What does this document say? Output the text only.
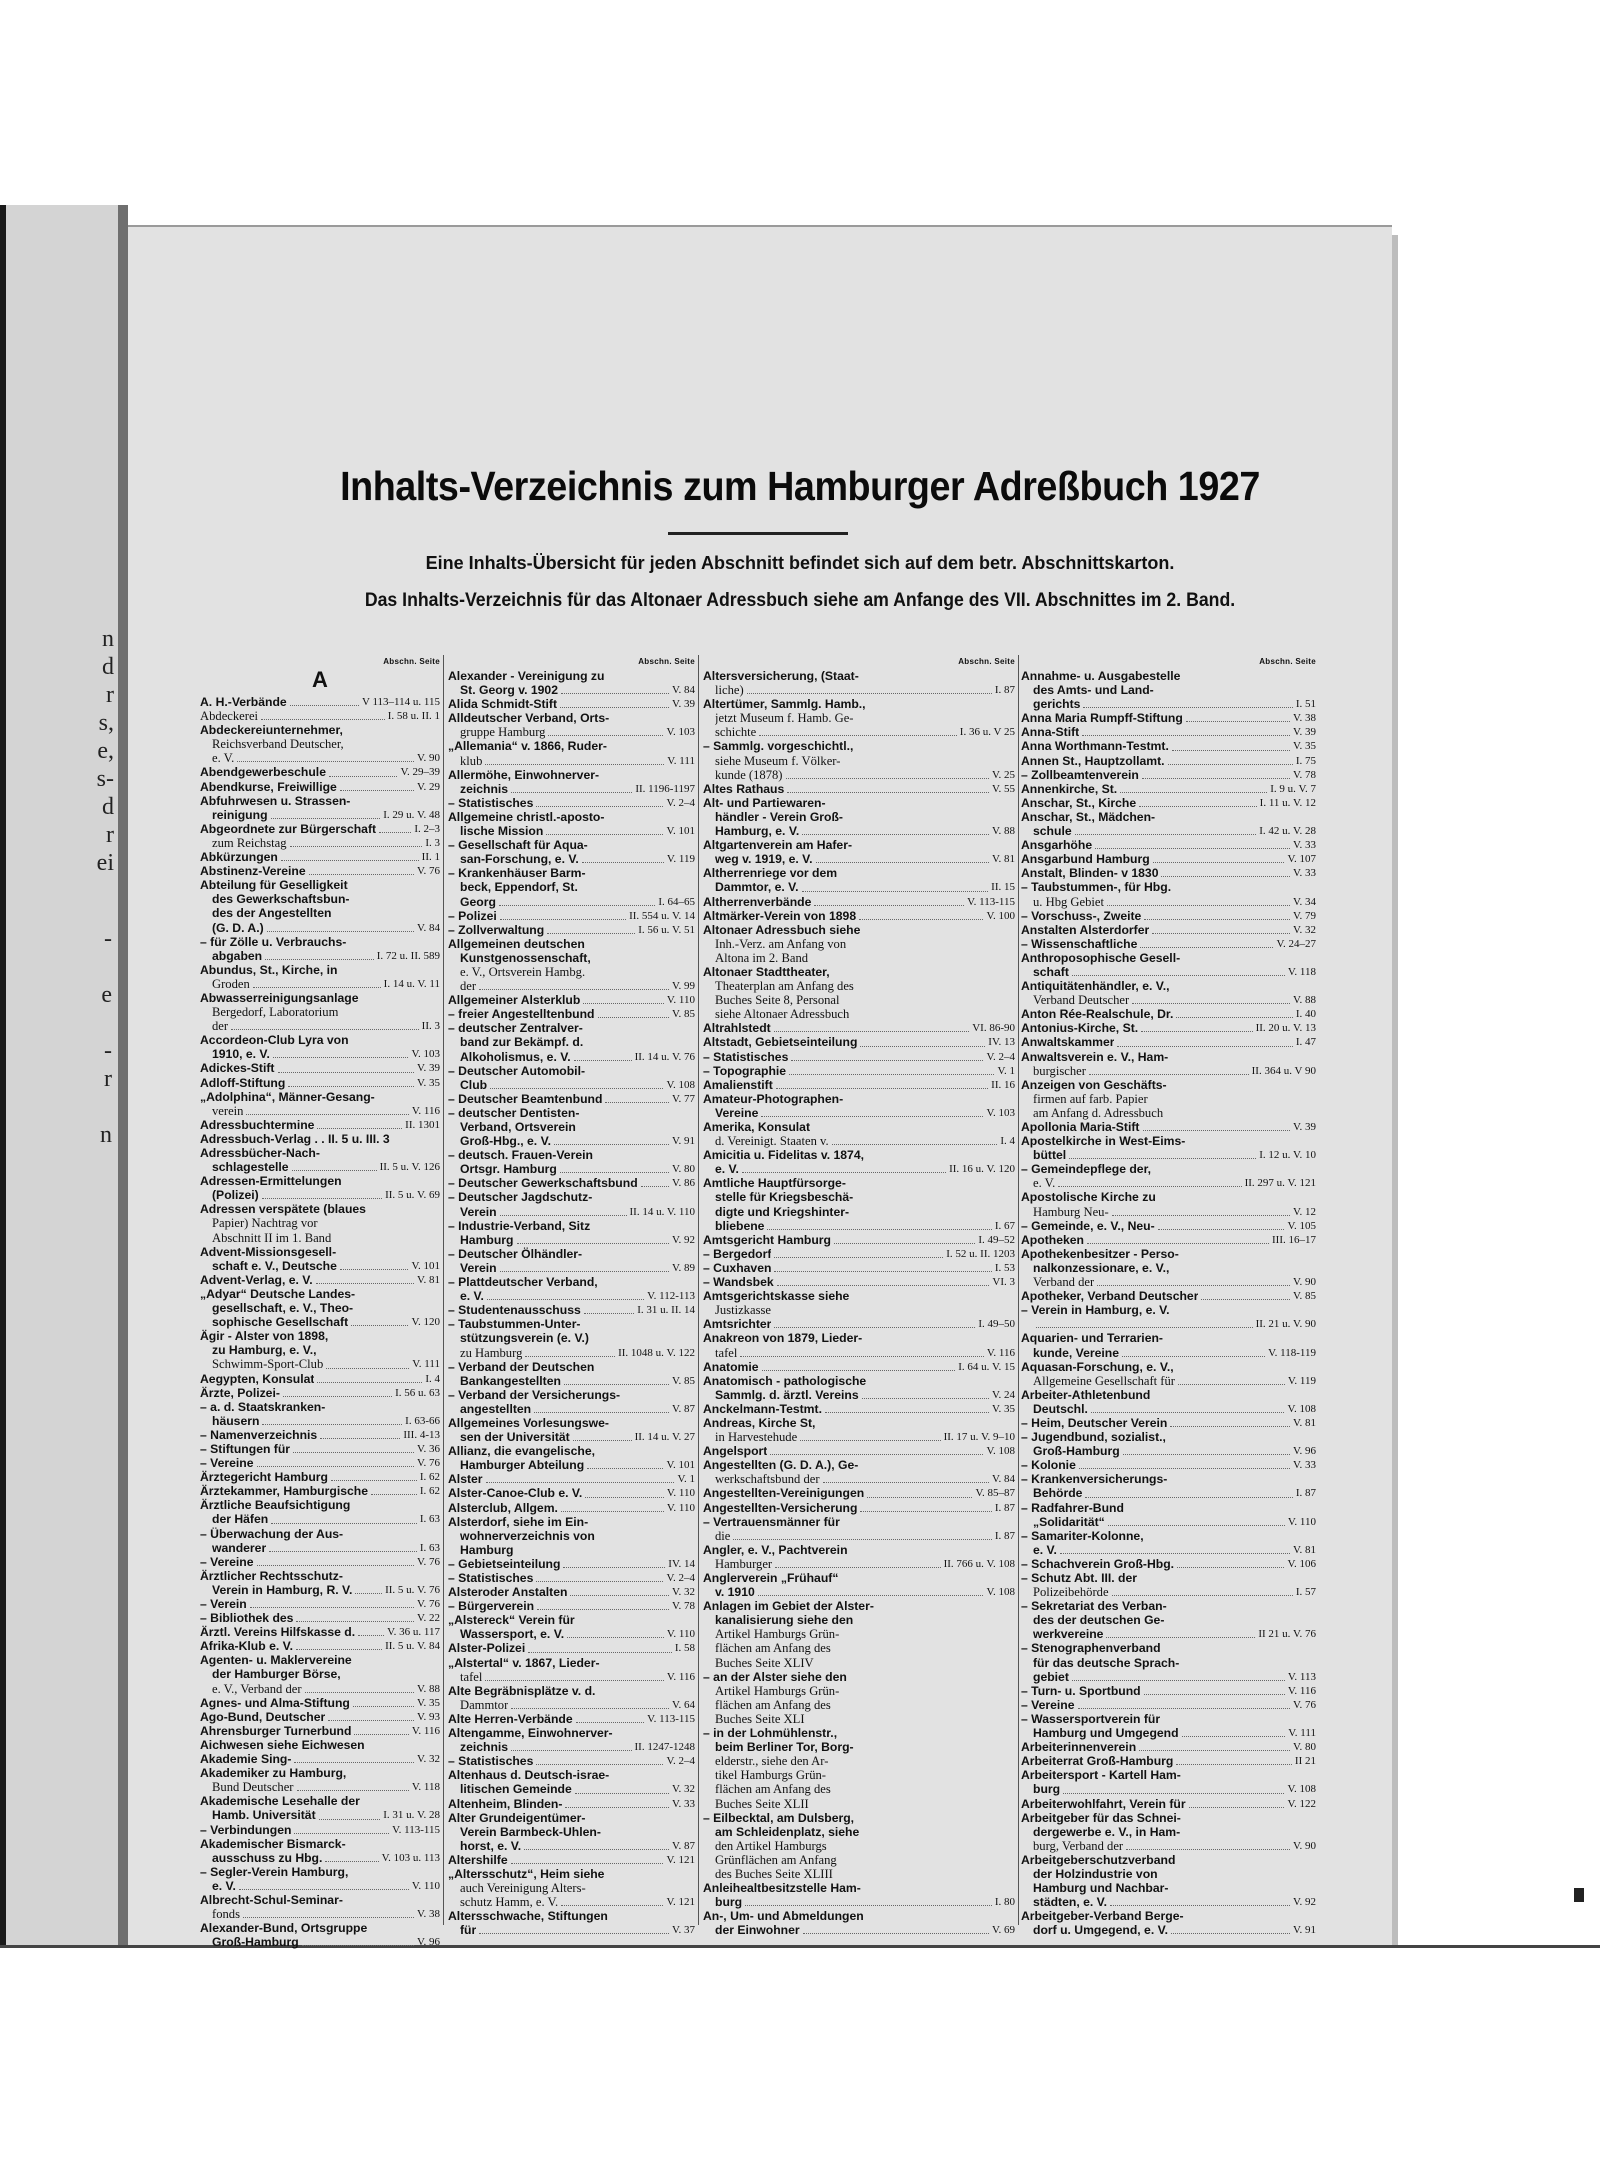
n
d
r
s,
e,
s-
d
r
ei
-
e
-
r
n
Inhalts-Verzeichnis zum Hamburger Adreßbuch 1927
Eine Inhalts-Übersicht für jeden Abschnitt befindet sich auf dem betr. Abschnittskarton.
Das Inhalts-Verzeichnis für das Altonaer Adressbuch siehe am Anfange des VII. Abschnittes im 2. Band.
Abschn. Seite
A
A. H.-Verbände	V 113–114 u. 115
Abdeckerei	I. 58 u. II. 1
Abdeckereiunternehmer,
Reichsverband Deutscher,
e. V.	V. 90
Abendgewerbeschule	V. 29–39
Abendkurse, Freiwillige	V. 29
Abfuhrwesen u. Strassen-
reinigung	I. 29 u. V. 48
Abgeordnete zur Bürgerschaft	I. 2–3
zum Reichstag	I. 3
Abkürzungen	II. 1
Abstinenz-Vereine	V. 76
Abteilung für Geselligkeit
des Gewerkschaftsbun-
des der Angestellten
(G. D. A.)	V. 84
– für Zölle u. Verbrauchs-
abgaben	I. 72 u. II. 589
Abundus, St., Kirche, in
Groden	I. 14 u. V. 11
Abwasserreinigungsanlage
Bergedorf, Laboratorium
der	II. 3
Accordeon-Club Lyra von
1910, e. V.	V. 103
Adickes-Stift	V. 39
Adloff-Stiftung	V. 35
„Adolphina“, Männer-Gesang-
verein	V. 116
Adressbuchtermine	II. 1301
Adressbuch-Verlag . . II. 5 u. III. 3
Adressbücher-Nach-
schlagestelle	II. 5 u. V. 126
Adressen-Ermittelungen
(Polizei)	II. 5 u. V. 69
Adressen verspätete (blaues
Papier) Nachtrag vor
Abschnitt II im 1. Band
Advent-Missionsgesell-
schaft e. V., Deutsche	V. 101
Advent-Verlag, e. V.	V. 81
„Adyar“ Deutsche Landes-
gesellschaft, e. V., Theo-
sophische Gesellschaft	V. 120
Ägir - Alster von 1898,
zu Hamburg, e. V.,
Schwimm-Sport-Club	V. 111
Aegypten, Konsulat	I. 4
Ärzte, Polizei-	I. 56 u. 63
– a. d. Staatskranken-
häusern	I. 63-66
– Namenverzeichnis	III. 4-13
– Stiftungen für	V. 36
– Vereine	V. 76
Ärztegericht Hamburg	I. 62
Ärztekammer, Hamburgische	I. 62
Ärztliche Beaufsichtigung
der Häfen	I. 63
– Überwachung der Aus-
wanderer	I. 63
– Vereine	V. 76
Ärztlicher Rechtsschutz-
Verein in Hamburg, R. V.	II. 5 u. V. 76
– Verein	V. 76
– Bibliothek des	V. 22
Ärztl. Vereins Hilfskasse d.	V. 36 u. 117
Afrika-Klub e. V.	II. 5 u. V. 84
Agenten- u. Maklervereine
der Hamburger Börse,
e. V., Verband der	V. 88
Agnes- und Alma-Stiftung	V. 35
Ago-Bund, Deutscher	V. 93
Ahrensburger Turnerbund	V. 116
Aichwesen siehe Eichwesen
Akademie Sing-	V. 32
Akademiker zu Hamburg,
Bund Deutscher	V. 118
Akademische Lesehalle der
Hamb. Universität	I. 31 u. V. 28
– Verbindungen	V. 113-115
Akademischer Bismarck-
ausschuss zu Hbg.	V. 103 u. 113
– Segler-Verein Hamburg,
e. V.	V. 110
Albrecht-Schul-Seminar-
fonds	V. 38
Alexander-Bund, Ortsgruppe
Groß-Hamburg	V. 96
Abschn. Seite
Alexander - Vereinigung zu
St. Georg v. 1902	V. 84
Alida Schmidt-Stift	V. 39
Alldeutscher Verband, Orts-
gruppe Hamburg	V. 103
„Allemania“ v. 1866, Ruder-
klub	V. 111
Allermöhe, Einwohnerver-
zeichnis	II. 1196-1197
– Statistisches	V. 2–4
Allgemeine christl.-aposto-
lische Mission	V. 101
– Gesellschaft für Aqua-
san-Forschung, e. V.	V. 119
– Krankenhäuser Barm-
beck, Eppendorf, St.
Georg	I. 64–65
– Polizei	II. 554 u. V. 14
– Zollverwaltung	I. 56 u. V. 51
Allgemeinen deutschen
Kunstgenossenschaft,
e. V., Ortsverein Hambg.
der	V. 99
Allgemeiner Alsterklub	V. 110
– freier Angestelltenbund	V. 85
– deutscher Zentralver-
band zur Bekämpf. d.
Alkoholismus, e. V.	II. 14 u. V. 76
– Deutscher Automobil-
Club	V. 108
– Deutscher Beamtenbund	V. 77
– deutscher Dentisten-
Verband, Ortsverein
Groß-Hbg., e. V.	V. 91
– deutsch. Frauen-Verein
Ortsgr. Hamburg	V. 80
– Deutscher Gewerkschaftsbund	V. 86
– Deutscher Jagdschutz-
Verein	II. 14 u. V. 110
– Industrie-Verband, Sitz
Hamburg	V. 92
– Deutscher Ölhändler-
Verein	V. 89
– Plattdeutscher Verband,
e. V.	V. 112-113
– Studentenausschuss	I. 31 u. II. 14
– Taubstummen-Unter-
stützungsverein (e. V.)
zu Hamburg	II. 1048 u. V. 122
– Verband der Deutschen
Bankangestellten	V. 85
– Verband der Versicherungs-
angestellten	V. 87
Allgemeines Vorlesungswe-
sen der Universität	II. 14 u. V. 27
Allianz, die evangelische,
Hamburger Abteilung	V. 101
Alster	V. 1
Alster-Canoe-Club e. V.	V. 110
Alsterclub, Allgem.	V. 110
Alsterdorf, siehe im Ein-
wohnerverzeichnis von
Hamburg
– Gebietseinteilung	IV. 14
– Statistisches	V. 2–4
Alsteroder Anstalten	V. 32
– Bürgerverein	V. 78
„Alstereck“ Verein für
Wassersport, e. V.	V. 110
Alster-Polizei	I. 58
„Alstertal“ v. 1867, Lieder-
tafel	V. 116
Alte Begräbnisplätze v. d.
Dammtor	V. 64
Alte Herren-Verbände	V. 113-115
Altengamme, Einwohnerver-
zeichnis	II. 1247-1248
– Statistisches	V. 2–4
Altenhaus d. Deutsch-israe-
litischen Gemeinde	V. 32
Altenheim, Blinden-	V. 33
Alter Grundeigentümer-
Verein Barmbeck-Uhlen-
horst, e. V.	V. 87
Altershilfe	V. 121
„Altersschutz“, Heim siehe
auch Vereinigung Alters-
schutz Hamm, e. V.	V. 121
Altersschwache, Stiftungen
für	V. 37
Abschn. Seite
Altersversicherung, (Staat-
liche)	I. 87
Altertümer, Sammlg. Hamb.,
jetzt Museum f. Hamb. Ge-
schichte	I. 36 u. V 25
– Sammlg. vorgeschichtl.,
siehe Museum f. Völker-
kunde (1878)	V. 25
Altes Rathaus	V. 55
Alt- und Partiewaren-
händler - Verein Groß-
Hamburg, e. V.	V. 88
Altgartenverein am Hafer-
weg v. 1919, e. V.	V. 81
Altherrenriege vor dem
Dammtor, e. V.	II. 15
Altherrenverbände	V. 113-115
Altmärker-Verein von 1898	V. 100
Altonaer Adressbuch siehe
Inh.-Verz. am Anfang von
Altona im 2. Band
Altonaer Stadttheater,
Theaterplan am Anfang des
Buches Seite 8, Personal
siehe Altonaer Adressbuch
Altrahlstedt	VI. 86-90
Altstadt, Gebietseinteilung	IV. 13
– Statistisches	V. 2–4
– Topographie	V. 1
Amalienstift	II. 16
Amateur-Photographen-
Vereine	V. 103
Amerika, Konsulat
d. Vereinigt. Staaten v.	I. 4
Amicitia u. Fidelitas v. 1874,
e. V.	II. 16 u. V. 120
Amtliche Hauptfürsorge-
stelle für Kriegsbeschä-
digte und Kriegshinter-
bliebene	I. 67
Amtsgericht Hamburg	I. 49–52
– Bergedorf	I. 52 u. II. 1203
– Cuxhaven	I. 53
– Wandsbek	VI. 3
Amtsgerichtskasse siehe
Justizkasse
Amtsrichter	I. 49–50
Anakreon von 1879, Lieder-
tafel	V. 116
Anatomie	I. 64 u. V. 15
Anatomisch - pathologische
Sammlg. d. ärztl. Vereins	V. 24
Anckelmann-Testmt.	V. 35
Andreas, Kirche St,
in Harvestehude	II. 17 u. V. 9–10
Angelsport	V. 108
Angestellten (G. D. A.), Ge-
werkschaftsbund der	V. 84
Angestellten-Vereinigungen	V. 85–87
Angestellten-Versicherung	I. 87
– Vertrauensmänner für
die	I. 87
Angler, e. V., Pachtverein
Hamburger	II. 766 u. V. 108
Anglerverein „Frühauf“
v. 1910	V. 108
Anlagen im Gebiet der Alster-
kanalisierung siehe den
Artikel Hamburgs Grün-
flächen am Anfang des
Buches Seite XLIV
– an der Alster siehe den
Artikel Hamburgs Grün-
flächen am Anfang des
Buches Seite XLI
– in der Lohmühlenstr.,
beim Berliner Tor, Borg-
elderstr., siehe den Ar-
tikel Hamburgs Grün-
flächen am Anfang des
Buches Seite XLII
– Eilbecktal, am Dulsberg,
am Schleidenplatz, siehe
den Artikel Hamburgs
Grünflächen am Anfang
des Buches Seite XLIII
Anleihealtbesitzstelle Ham-
burg	I. 80
An-, Um- und Abmeldungen
der Einwohner	V. 69
Abschn. Seite
Annahme- u. Ausgabestelle
des Amts- und Land-
gerichts	I. 51
Anna Maria Rumpff-Stiftung	V. 38
Anna-Stift	V. 39
Anna Worthmann-Testmt.	V. 35
Annen St., Hauptzollamt.	I. 75
– Zollbeamtenverein	V. 78
Annenkirche, St.	I. 9 u. V. 7
Anschar, St., Kirche	I. 11 u. V. 12
Anschar, St., Mädchen-
schule	I. 42 u. V. 28
Ansgarhöhe	V. 33
Ansgarbund Hamburg	V. 107
Anstalt, Blinden- v 1830	V. 33
– Taubstummen-, für Hbg.
u. Hbg Gebiet	V. 34
– Vorschuss-, Zweite	V. 79
Anstalten Alsterdorfer	V. 32
– Wissenschaftliche	V. 24–27
Anthroposophische Gesell-
schaft	V. 118
Antiquitätenhändler, e. V.,
Verband Deutscher	V. 88
Anton Rée-Realschule, Dr.	I. 40
Antonius-Kirche, St.	II. 20 u. V. 13
Anwaltskammer	I. 47
Anwaltsverein e. V., Ham-
burgischer	II. 364 u. V 90
Anzeigen von Geschäfts-
firmen auf farb. Papier
am Anfang d. Adressbuch
Apollonia Maria-Stift	V. 39
Apostelkirche in West-Eims-
büttel	I. 12 u. V. 10
– Gemeindepflege der,
e. V.	II. 297 u. V. 121
Apostolische Kirche zu
Hamburg Neu-	V. 12
– Gemeinde, e. V., Neu-	V. 105
Apotheken	III. 16–17
Apothekenbesitzer - Perso-
nalkonzessionare, e. V.,
Verband der	V. 90
Apotheker, Verband Deutscher	V. 85
– Verein in Hamburg, e. V.
II. 21 u. V. 90
Aquarien- und Terrarien-
kunde, Vereine	V. 118-119
Aquasan-Forschung, e. V.,
Allgemeine Gesellschaft für	V. 119
Arbeiter-Athletenbund
Deutschl.	V. 108
– Heim, Deutscher Verein	V. 81
– Jugendbund, sozialist.,
Groß-Hamburg	V. 96
– Kolonie	V. 33
– Krankenversicherungs-
Behörde	I. 87
– Radfahrer-Bund
„Solidarität“	V. 110
– Samariter-Kolonne,
e. V.	V. 81
– Schachverein Groß-Hbg.	V. 106
– Schutz Abt. III. der
Polizeibehörde	I. 57
– Sekretariat des Verban-
des der deutschen Ge-
werkvereine	II 21 u. V. 76
– Stenographenverband
für das deutsche Sprach-
gebiet	V. 113
– Turn- u. Sportbund	V. 116
– Vereine	V. 76
– Wassersportverein für
Hamburg und Umgegend	V. 111
Arbeiterinnenverein	V. 80
Arbeiterrat Groß-Hamburg	II 21
Arbeitersport - Kartell Ham-
burg	V. 108
Arbeiterwohlfahrt, Verein für	V. 122
Arbeitgeber für das Schnei-
dergewerbe e. V., in Ham-
burg, Verband der	V. 90
Arbeitgeberschutzverband
der Holzindustrie von
Hamburg und Nachbar-
städten, e. V.	V. 92
Arbeitgeber-Verband Berge-
dorf u. Umgegend, e. V.	V. 91
